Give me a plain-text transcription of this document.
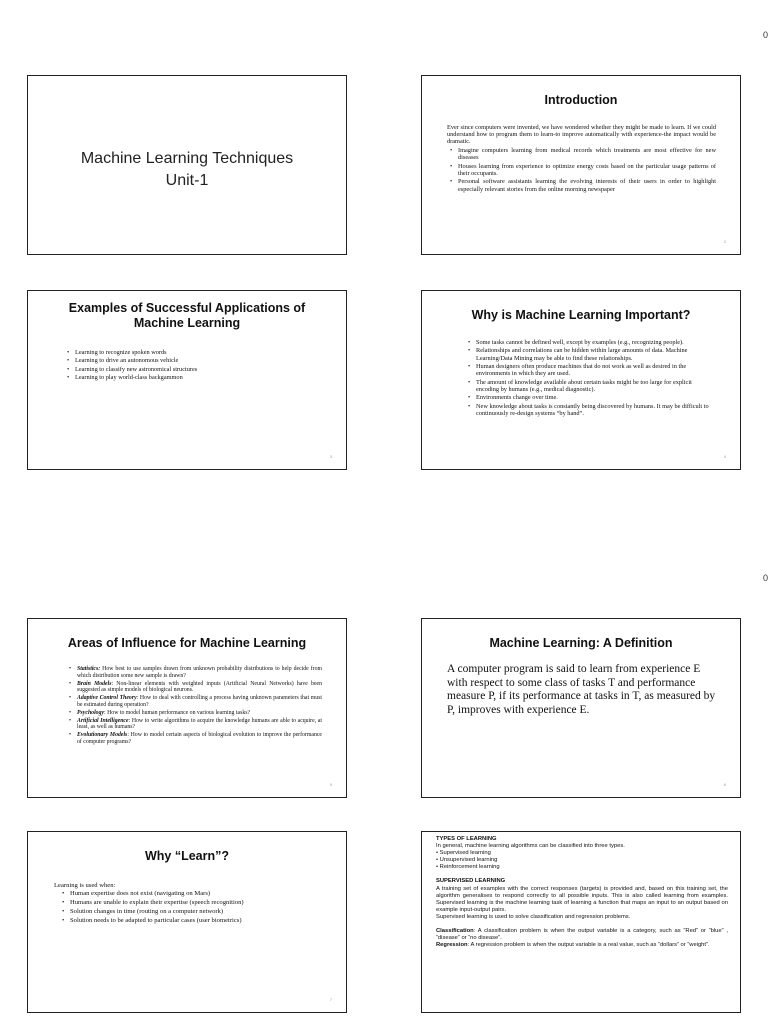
0
0
Machine Learning Techniques
Unit-1
Introduction
Ever since computers were invented, we have wondered whether they might be made to learn. If we could understand how to program them to learn-to improve automatically with experience-the impact would be dramatic.
• Imagine computers learning from medical records which treatments are most effective for new diseases
• Houses learning from experience to optimize energy costs based on the particular usage patterns of their occupants.
• Personal software assistants learning the evolving interests of their users in order to highlight especially relevant stories from the online morning newspaper
2
Examples of Successful Applications of Machine Learning
• Learning to recognize spoken words
• Learning to drive an autonomous vehicle
• Learning to classify new astronomical structures
• Learning to play world-class backgammon
3
Why is Machine Learning Important?
• Some tasks cannot be defined well, except by examples (e.g., recognizing people).
• Relationships and correlations can be hidden within large amounts of data. Machine Learning/Data Mining may be able to find these relationships.
• Human designers often produce machines that do not work as well as desired in the environments in which they are used.
• The amount of knowledge available about certain tasks might be too large for explicit encoding by humans (e.g., medical diagnostic).
• Environments change over time.
• New knowledge about tasks is constantly being discovered by humans. It may be difficult to continuously re-design systems “by hand”.
4
Areas of Influence for Machine Learning
• Statistics: How best to use samples drawn from unknown probability distributions to help decide from which distribution some new sample is drawn?
• Brain Models: Non-linear elements with weighted inputs (Artificial Neural Networks) have been suggested as simple models of biological neurons.
• Adaptive Control Theory: How to deal with controlling a process having unknown parameters that must be estimated during operation?
• Psychology: How to model human performance on various learning tasks?
• Artificial Intelligence: How to write algorithms to acquire the knowledge humans are able to acquire, at least, as well as humans?
• Evolutionary Models: How to model certain aspects of biological evolution to improve the performance of computer programs?
5
Machine Learning: A Definition
A computer program is said to learn from experience E with respect to some class of tasks T and performance measure P, if its performance at tasks in T, as measured by P, improves with experience E.
6
Why “Learn”?
Learning is used when:
• Human expertise does not exist (navigating on Mars)
• Humans are unable to explain their expertise (speech recognition)
• Solution changes in time (routing on a computer network)
• Solution needs to be adapted to particular cases (user biometrics)
7

TYPES OF LEARNING

In general, machine learning algorithms can be classified into three types.

• Supervised learning

• Unsupervised learning

• Reinforcement learning

SUPERVISED LEARNING

A training set of examples with the correct responses (targets) is provided and, based on this training set, the algorithm generalises to respond correctly to all possible inputs. This is also called learning from examples. Supervised learning is the machine learning task of learning a function that maps an input to an output based on example input-output pairs.

Supervised learning is used to solve classification and regression problems.

Classification: A classification problem is when the output variable is a category, such as “Red” or “blue” , “disease” or “no disease”.

Regression: A regression problem is when the output variable is a real value, such as “dollars” or “weight”.
